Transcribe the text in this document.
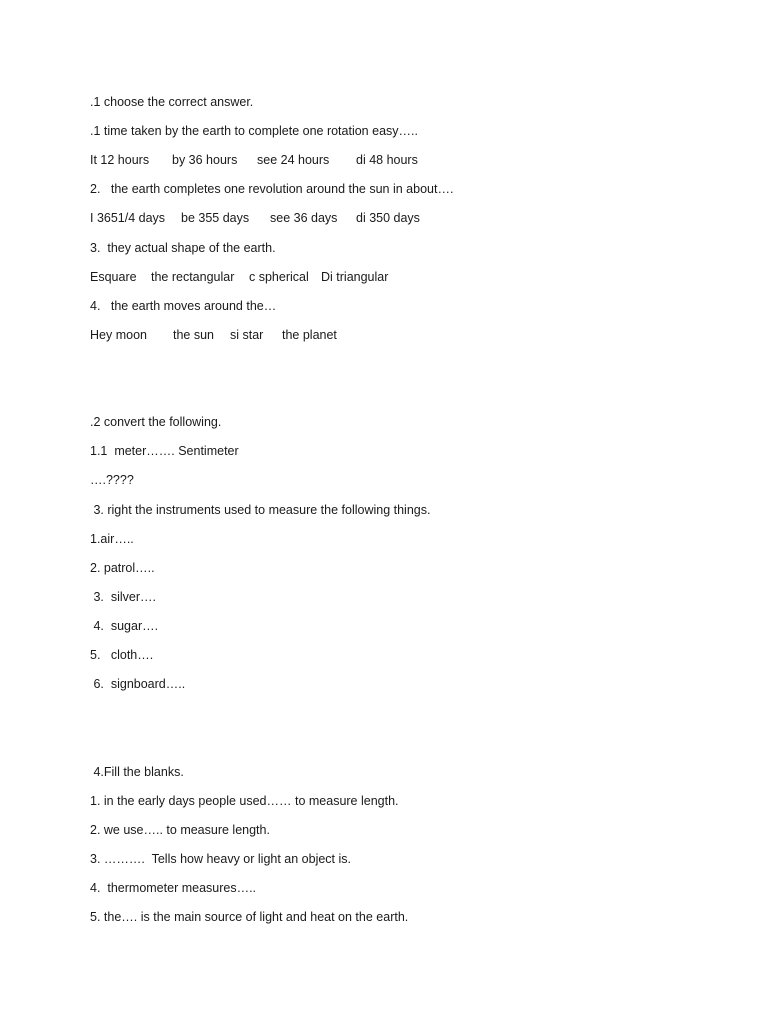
.1 choose the correct answer.
.1 time taken by the earth to complete one rotation easy…..

It 12 hours

by 36 hours

see 24 hours

di 48 hours

2.   the earth completes one revolution around the sun in about….

I 3651/4 days

be 355 days

see 36 days

di 350 days

3.  they actual shape of the earth.

Esquare

the rectangular

c spherical

Di triangular

4.   the earth moves around the…

Hey moon

the sun

si star

the planet

.2 convert the following.
1.1  meter……. Sentimeter
….????
3. right the instruments used to measure the following things.
1.air…..
2. patrol…..
3.  silver….
4.  sugar….
5.   cloth….
6.  signboard…..
4.Fill the blanks.
1. in the early days people used…… to measure length.
2. we use….. to measure length.
3. ……….  Tells how heavy or light an object is.
4.  thermometer measures…..
5. the…. is the main source of light and heat on the earth.
